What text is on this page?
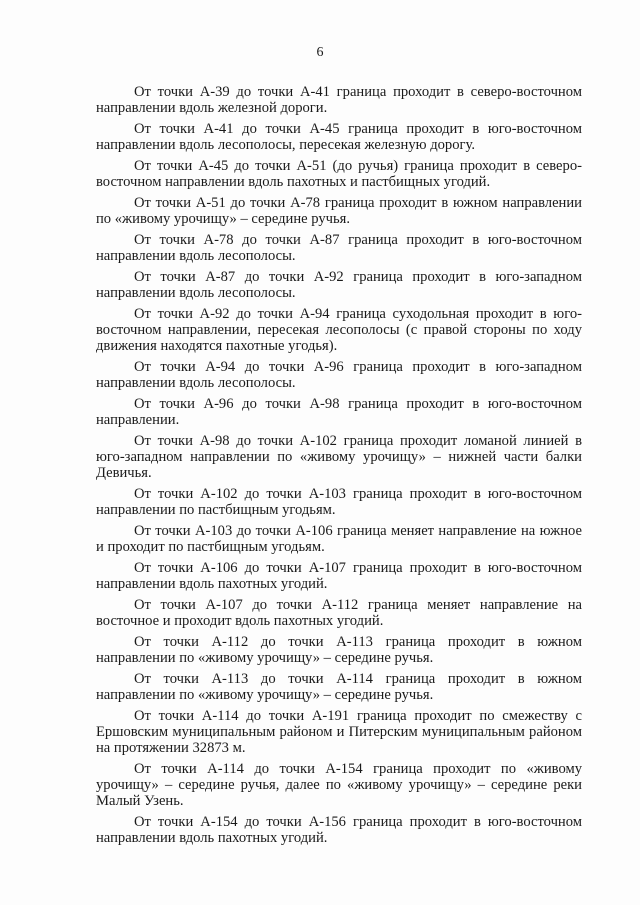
6

От точки А-39 до точки А-41 граница проходит в северо-восточном направлении вдоль железной дороги.

От точки А-41 до точки А-45 граница проходит в юго-восточном направлении вдоль лесополосы, пересекая железную дорогу.

От точки А-45 до точки А-51 (до ручья) граница проходит в северо-восточном направлении вдоль пахотных и пастбищных угодий.

От точки А-51 до точки А-78 граница проходит в южном направлении по «живому урочищу» – середине ручья.

От точки А-78 до точки А-87 граница проходит в юго-восточном направлении вдоль лесополосы.

От точки А-87 до точки А-92 граница проходит в юго-западном направлении вдоль лесополосы.

От точки А-92 до точки А-94 граница суходольная проходит в юго-восточном направлении, пересекая лесополосы (с правой стороны по ходу движения находятся пахотные угодья).

От точки А-94 до точки А-96 граница проходит в юго-западном направлении вдоль лесополосы.

От точки А-96 до точки А-98 граница проходит в юго-восточном направлении.

От точки А-98 до точки А-102 граница проходит ломаной линией в юго-западном направлении по «живому урочищу» – нижней части балки Девичья.

От точки А-102 до точки А-103 граница проходит в юго-восточном направлении по пастбищным угодьям.

От точки А-103 до точки А-106 граница меняет направление на южное и проходит по пастбищным угодьям.

От точки А-106 до точки А-107 граница проходит в юго-восточном направлении вдоль пахотных угодий.

От точки А-107 до точки А-112 граница меняет направление на восточное и проходит вдоль пахотных угодий.

От точки А-112 до точки А-113 граница проходит в южном направлении по «живому урочищу» – середине ручья.

От точки А-113 до точки А-114 граница проходит в южном направлении по «живому урочищу» – середине ручья.

От точки А-114 до точки А-191 граница проходит по смежеству с Ершовским муниципальным районом и Питерским муниципальным районом на протяжении 32873 м.

От точки А-114 до точки А-154 граница проходит по «живому урочищу» – середине ручья, далее по «живому урочищу» – середине реки Малый Узень.

От точки А-154 до точки А-156 граница проходит в юго-восточном направлении вдоль пахотных угодий.
